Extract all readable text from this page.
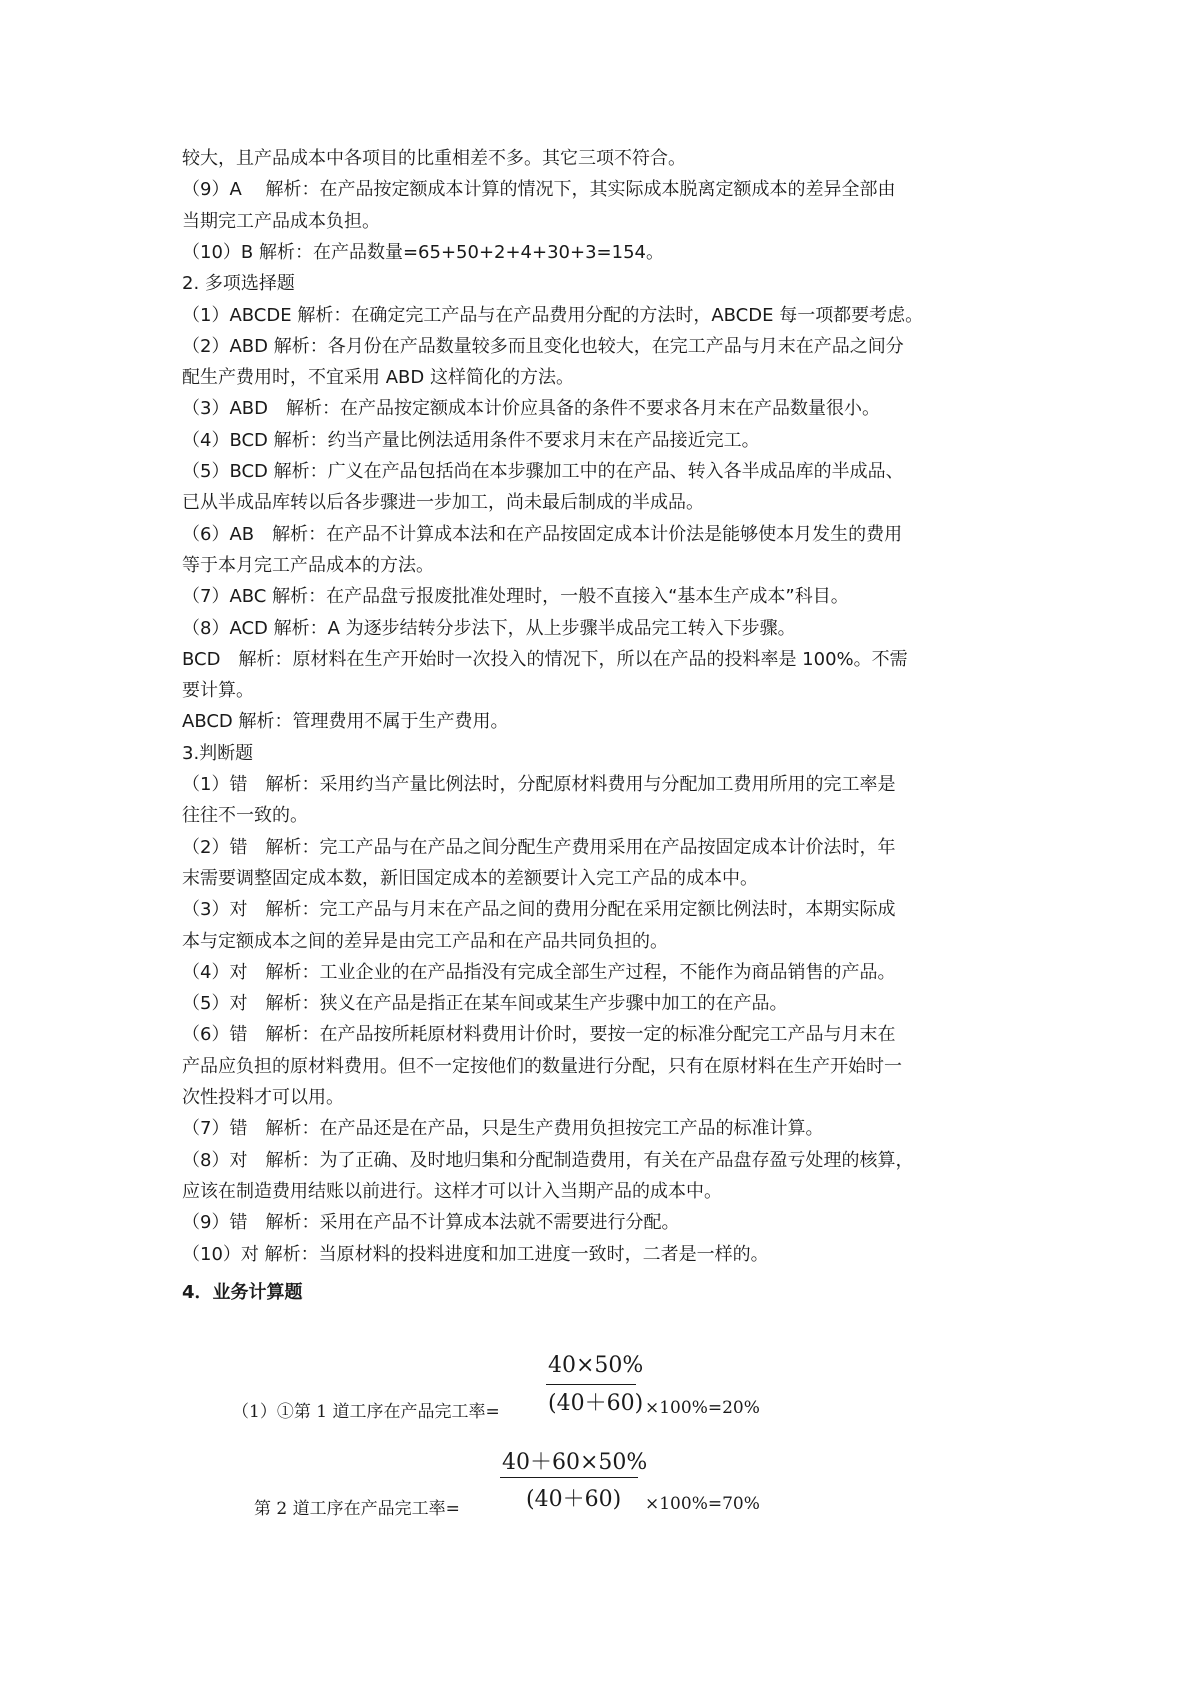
较大，且产品成本中各项目的比重相差不多。其它三项不符合。
（9）A　 解析：在产品按定额成本计算的情况下，其实际成本脱离定额成本的差异全部由
当期完工产品成本负担。
（10）B 解析：在产品数量=65+50+2+4+30+3=154。
2. 多项选择题
（1）ABCDE 解析：在确定完工产品与在产品费用分配的方法时，ABCDE 每一项都要考虑。
（2）ABD 解析：各月份在产品数量较多而且变化也较大，在完工产品与月末在产品之间分
配生产费用时，不宜采用 ABD 这样简化的方法。
（3）ABD　解析：在产品按定额成本计价应具备的条件不要求各月末在产品数量很小。
（4）BCD 解析：约当产量比例法适用条件不要求月末在产品接近完工。
（5）BCD 解析：广义在产品包括尚在本步骤加工中的在产品、转入各半成品库的半成品、
已从半成品库转以后各步骤进一步加工，尚未最后制成的半成品。
（6）AB　解析：在产品不计算成本法和在产品按固定成本计价法是能够使本月发生的费用
等于本月完工产品成本的方法。
（7）ABC 解析：在产品盘亏报废批准处理时，一般不直接入“基本生产成本”科目。
（8）ACD 解析：A 为逐步结转分步法下，从上步骤半成品完工转入下步骤。
BCD　解析：原材料在生产开始时一次投入的情况下，所以在产品的投料率是 100%。不需
要计算。
ABCD 解析：管理费用不属于生产费用。
3.判断题
（1）错　解析：采用约当产量比例法时，分配原材料费用与分配加工费用所用的完工率是
往往不一致的。
（2）错　解析：完工产品与在产品之间分配生产费用采用在产品按固定成本计价法时，年
末需要调整固定成本数，新旧国定成本的差额要计入完工产品的成本中。
（3）对　解析：完工产品与月末在产品之间的费用分配在采用定额比例法时，本期实际成
本与定额成本之间的差异是由完工产品和在产品共同负担的。
（4）对　解析：工业企业的在产品指没有完成全部生产过程，不能作为商品销售的产品。
（5）对　解析：狭义在产品是指正在某车间或某生产步骤中加工的在产品。
（6）错　解析：在产品按所耗原材料费用计价时，要按一定的标准分配完工产品与月末在
产品应负担的原材料费用。但不一定按他们的数量进行分配，只有在原材料在生产开始时一
次性投料才可以用。
（7）错　解析：在产品还是在产品，只是生产费用负担按完工产品的标准计算。
（8）对　解析：为了正确、及时地归集和分配制造费用，有关在产品盘存盈亏处理的核算，
应该在制造费用结账以前进行。这样才可以计入当期产品的成本中。
（9）错　解析：采用在产品不计算成本法就不需要进行分配。
（10）对 解析：当原材料的投料进度和加工进度一致时，二者是一样的。
4．业务计算题
40×50%
（1）①第 1 道工序在产品完工率= (40＋60) ×100%=20%
40＋60×50%
(40＋60)
第 2 道工序在产品完工率=	×100%=70%
